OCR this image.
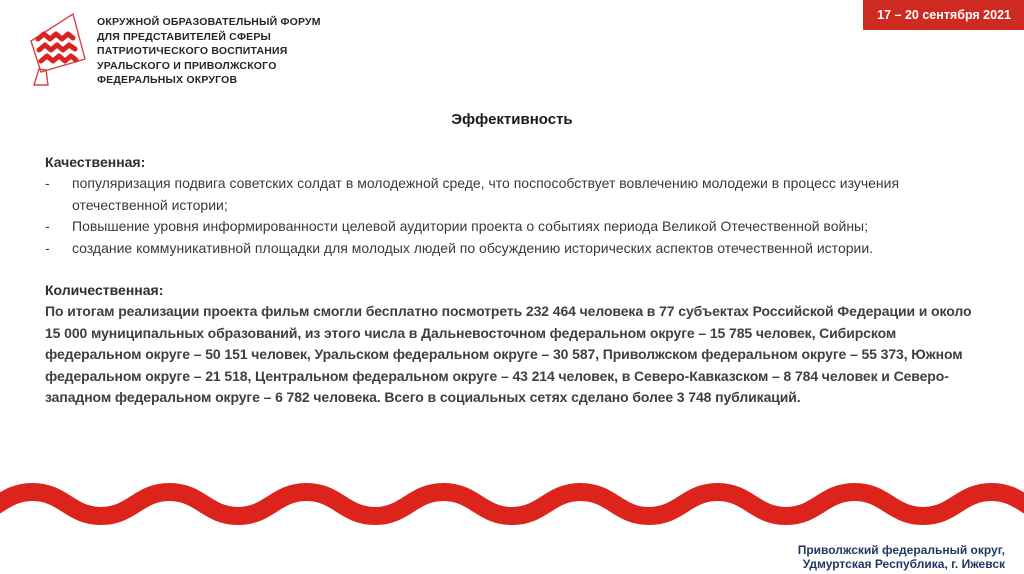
ОКРУЖНОЙ ОБРАЗОВАТЕЛЬНЫЙ ФОРУМ
ДЛЯ ПРЕДСТАВИТЕЛЕЙ СФЕРЫ
ПАТРИОТИЧЕСКОГО ВОСПИТАНИЯ
УРАЛЬСКОГО И ПРИВОЛЖСКОГО
ФЕДЕРАЛЬНЫХ ОКРУГОВ
17 – 20 сентября 2021
Эффективность
Качественная:
-	популяризация подвига советских солдат в молодежной среде, что поспособствует вовлечению молодежи в процесс изучения отечественной истории;
-	Повышение уровня информированности целевой аудитории проекта о событиях периода Великой Отечественной войны;
-	создание коммуникативной площадки для молодых людей по обсуждению исторических аспектов отечественной истории.
Количественная:

По итогам реализации проекта фильм смогли бесплатно посмотреть 232 464 человека в 77 субъектах Российской Федерации и около 15 000 муниципальных образований, из этого числа в Дальневосточном федеральном округе – 15 785 человек, Сибирском федеральном округе – 50 151 человек, Уральском федеральном округе – 30 587, Приволжском федеральном округе – 55 373, Южном федеральном округе – 21 518, Центральном федеральном округе – 43 214 человек, в Северо-Кавказском – 8 784 человек и Северо-западном федеральном округе – 6 782 человека. Всего в социальных сетях сделано более 3 748 публикаций.

Приволжский федеральный округ,
Удмуртская Республика, г. Ижевск
